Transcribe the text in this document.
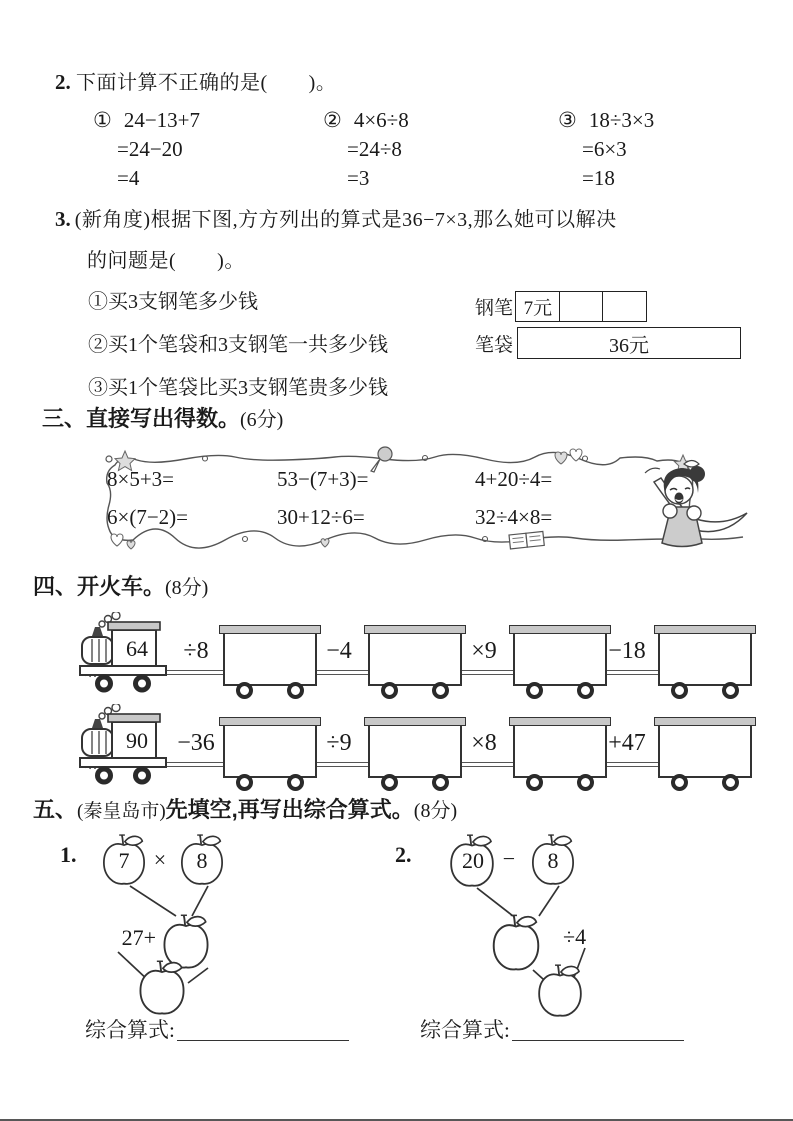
2. 下面计算不正确的是(　　)。
① 24−13+7
=24−20
=4
② 4×6÷8
=24÷8
=3
③ 18÷3×3
=6×3
=18
3. (新角度)根据下图,方方列出的算式是36−7×3,那么她可以解决
的问题是(　　)。
①买3支钢笔多少钱
②买1个笔袋和3支钢笔一共多少钱
③买1个笔袋比买3支钢笔贵多少钱
钢笔 7元
笔袋	36元
三、直接写出得数。(6分)
8×5+3=	53−(7+3)=	4+20÷4=
6×(7−2)=	30+12÷6=	32÷4×8=
四、开火车。(8分)
64	÷8	−4	×9	−18
90	−36	÷9	×8	+47
五、(秦皇岛市)先填空,再写出综合算式。(8分)
1.	7	×	8
27+
2.	20 −	8
÷4
综合算式:	综合算式:
